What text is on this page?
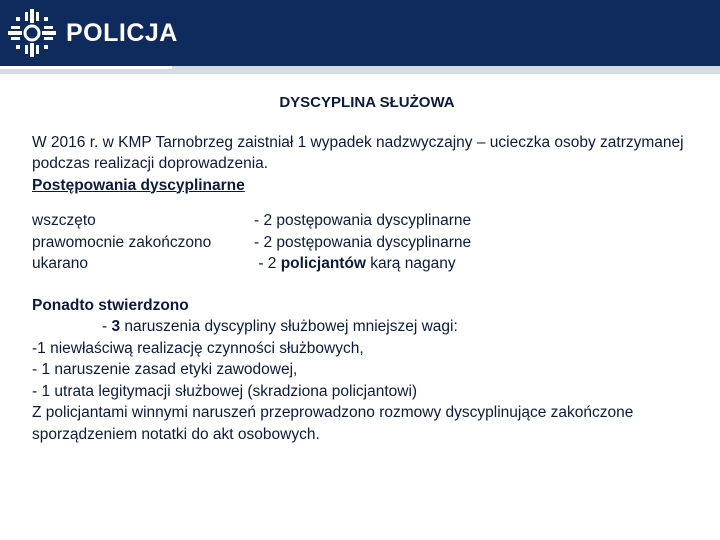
POLICJA

DYSCYPLINA SŁUŻOWA

W 2016 r. w KMP Tarnobrzeg zaistniał 1 wypadek nadzwyczajny – ucieczka osoby zatrzymanej podczas realizacji doprowadzenia.

Postępowania dyscyplinarne

wszczęto	- 2 postępowania dyscyplinarne
prawomocnie zakończono	- 2 postępowania dyscyplinarne
ukarano	- 2 policjantów karą nagany

Ponadto stwierdzono

- 3 naruszenia dyscypliny służbowej mniejszej wagi:

-1 niewłaściwą realizację czynności służbowych,

- 1 naruszenie zasad etyki zawodowej,

- 1 utrata legitymacji służbowej (skradziona policjantowi)

Z policjantami winnymi naruszeń przeprowadzono rozmowy dyscyplinujące zakończone sporządzeniem notatki do akt osobowych.
